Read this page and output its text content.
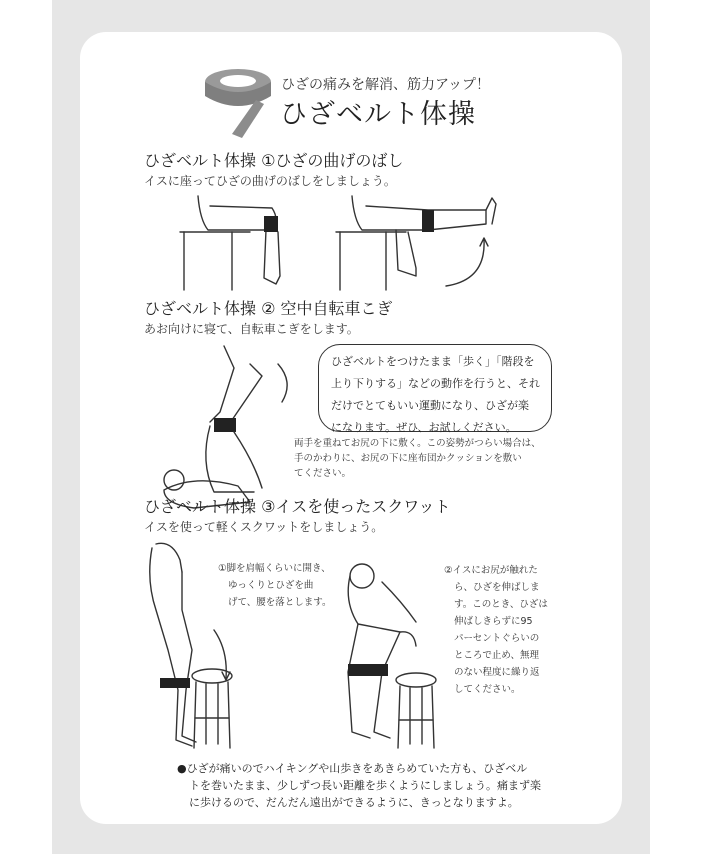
ひざの痛みを解消、筋力アップ！
ひざベルト体操
ひざベルト体操 ①ひざの曲げのばし
イスに座ってひざの曲げのばしをしましょう。
ひざベルト体操 ② 空中自転車こぎ
あお向けに寝て、自転車こぎをします。
ひざベルトをつけたまま「歩く」「階段を
上り下りする」などの動作を行うと、それ
だけでとてもいい運動になり、ひざが楽
になります。ぜひ、お試しください。
両手を重ねてお尻の下に敷く。この姿勢がつらい場合は、
手のかわりに、お尻の下に座布団かクッションを敷い
てください。
ひざベルト体操 ③イスを使ったスクワット
イスを使って軽くスクワットをしましょう。
①脚を肩幅くらいに開き、
ゆっくりとひざを曲
げて、腰を落とします。
②イスにお尻が触れた
ら、ひざを伸ばしま
す。このとき、ひざは
伸ばしきらずに95
パーセントぐらいの
ところで止め、無理
のない程度に繰り返
してください。
●ひざが痛いのでハイキングや山歩きをあきらめていた方も、ひざベル
トを巻いたまま、少しずつ長い距離を歩くようにしましょう。痛まず楽
に歩けるので、だんだん遠出ができるように、きっとなりますよ。
